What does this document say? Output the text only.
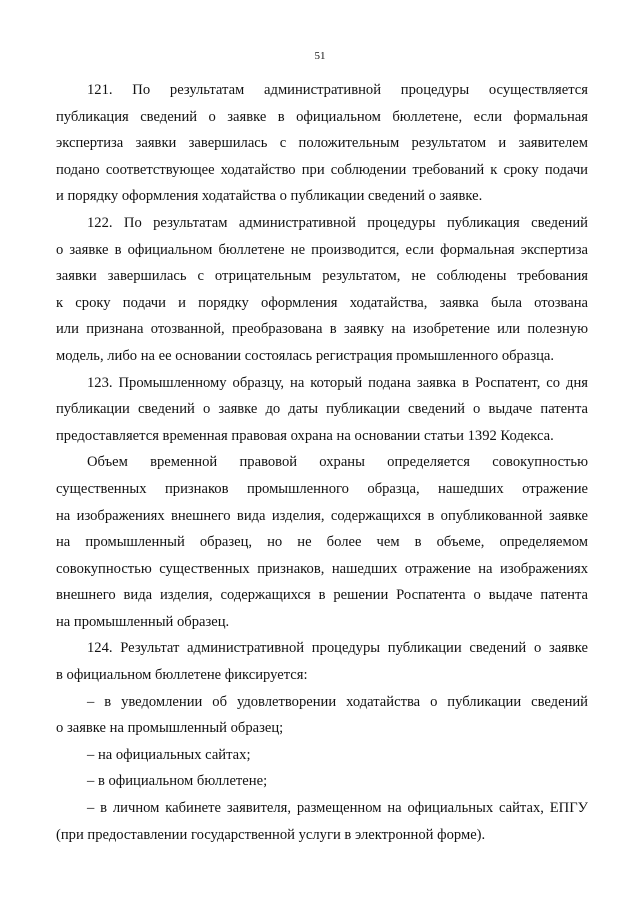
51
121. По результатам административной процедуры осуществляется
публикация сведений о заявке в официальном бюллетене, если формальная
экспертиза заявки завершилась с положительным результатом и заявителем
подано соответствующее ходатайство при соблюдении требований к сроку подачи
и порядку оформления ходатайства о публикации сведений о заявке.
122. По результатам административной процедуры публикация сведений
о заявке в официальном бюллетене не производится, если формальная экспертиза
заявки завершилась с отрицательным результатом, не соблюдены требования
к сроку подачи и порядку оформления ходатайства, заявка была отозвана
или признана отозванной, преобразована в заявку на изобретение или полезную
модель, либо на ее основании состоялась регистрация промышленного образца.
123. Промышленному образцу, на который подана заявка в Роспатент, со дня
публикации сведений о заявке до даты публикации сведений о выдаче патента
предоставляется временная правовая охрана на основании статьи 1392 Кодекса.
Объем временной правовой охраны определяется совокупностью
существенных признаков промышленного образца, нашедших отражение
на изображениях внешнего вида изделия, содержащихся в опубликованной заявке
на промышленный образец, но не более чем в объеме, определяемом
совокупностью существенных признаков, нашедших отражение на изображениях
внешнего вида изделия, содержащихся в решении Роспатента о выдаче патента
на промышленный образец.
124. Результат административной процедуры публикации сведений о заявке
в официальном бюллетене фиксируется:
– в уведомлении об удовлетворении ходатайства о публикации сведений
о заявке на промышленный образец;
– на официальных сайтах;
– в официальном бюллетене;
– в личном кабинете заявителя, размещенном на официальных сайтах, ЕПГУ
(при предоставлении государственной услуги в электронной форме).
